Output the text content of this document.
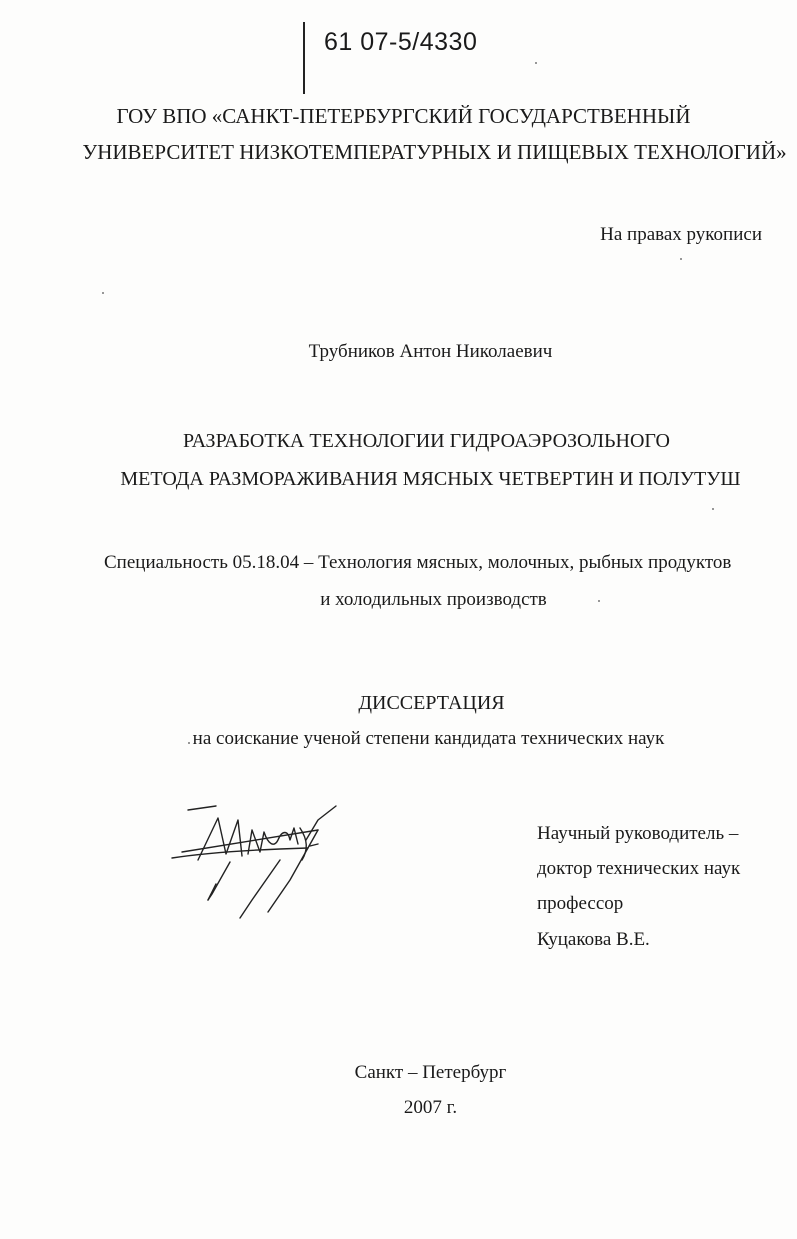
61 07-5/4330
ГОУ ВПО «САНКТ-ПЕТЕРБУРГСКИЙ ГОСУДАРСТВЕННЫЙ
УНИВЕРСИТЕТ НИЗКОТЕМПЕРАТУРНЫХ И ПИЩЕВЫХ ТЕХНОЛОГИЙ»
На правах рукописи
Трубников Антон Николаевич
РАЗРАБОТКА ТЕХНОЛОГИИ ГИДРОАЭРОЗОЛЬНОГО
МЕТОДА РАЗМОРАЖИВАНИЯ МЯСНЫХ ЧЕТВЕРТИН И ПОЛУТУШ
Специальность 05.18.04 – Технология мясных, молочных, рыбных продуктов
и холодильных производств
ДИССЕРТАЦИЯ
на соискание ученой степени кандидата технических наук
Научный руководитель –
доктор технических наук
профессор
Куцакова В.Е.
Санкт – Петербург
2007 г.
